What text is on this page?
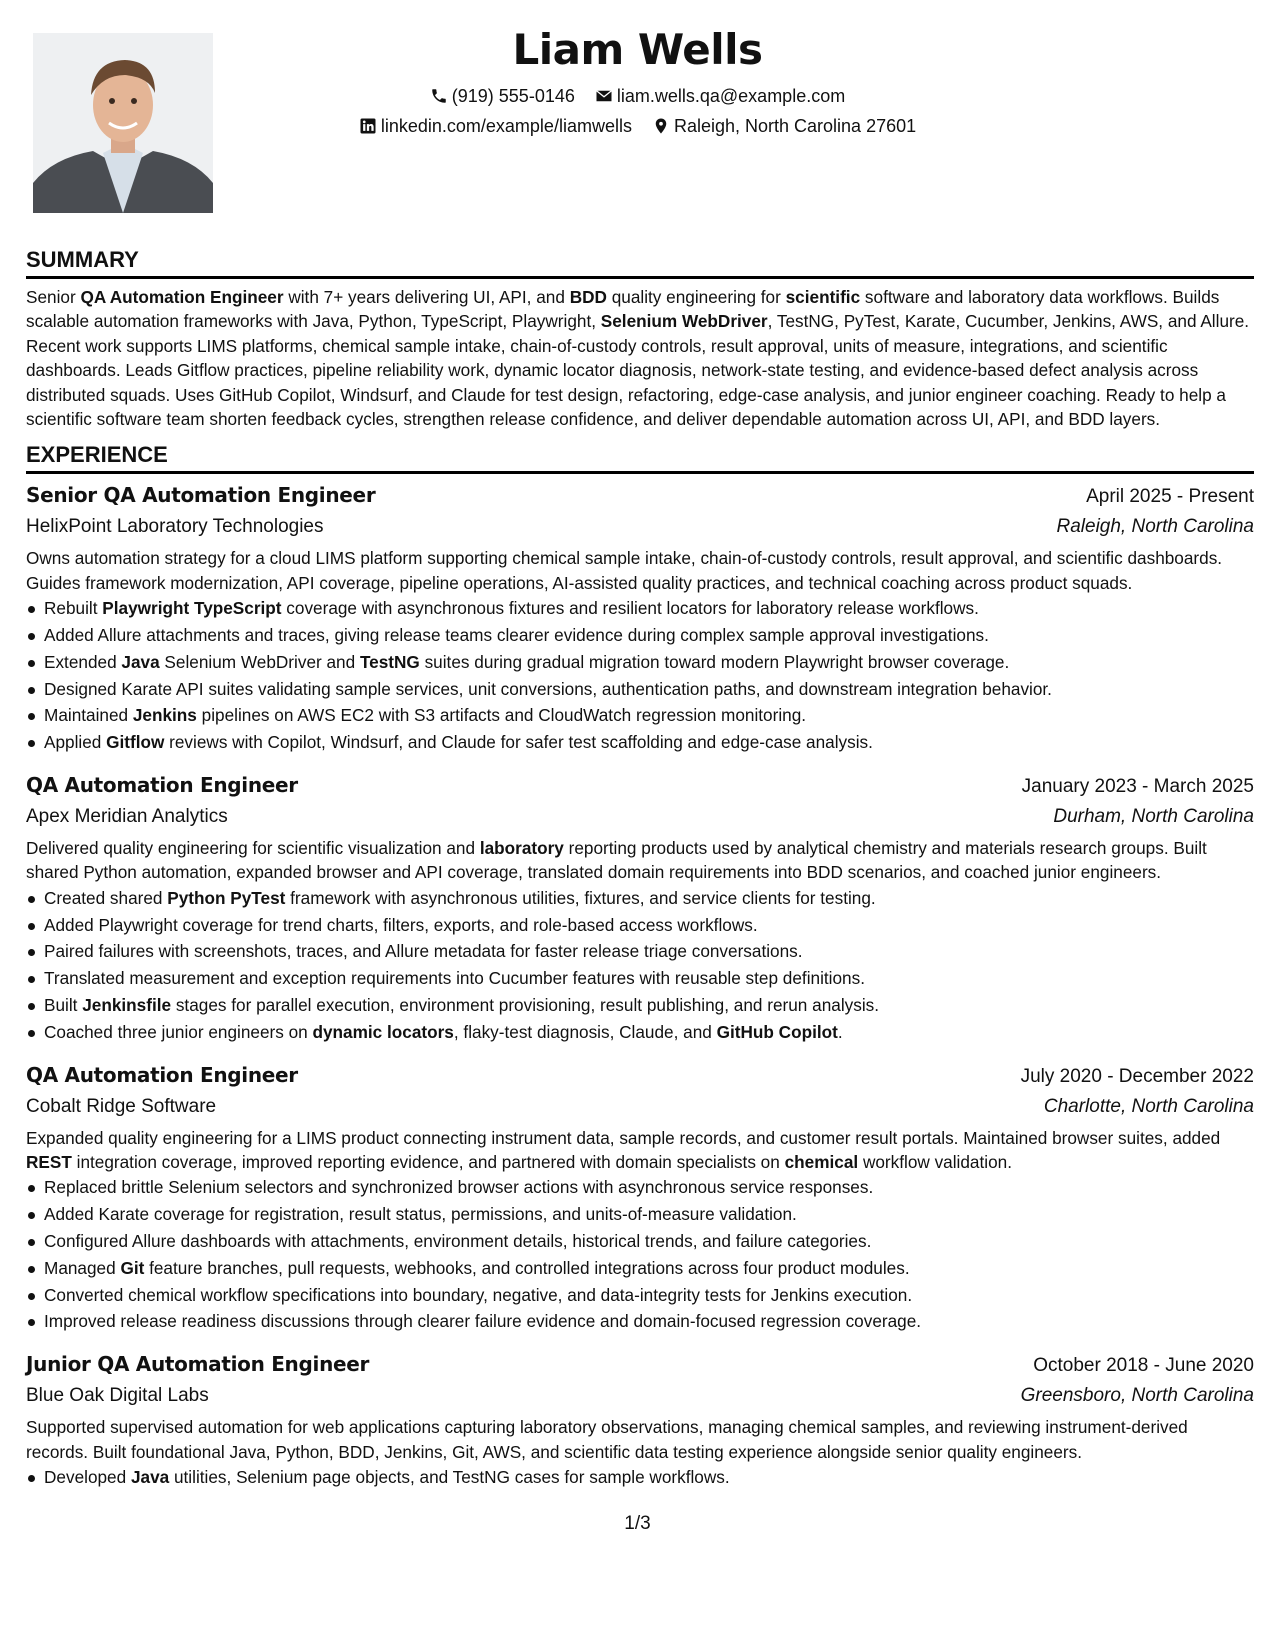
Liam Wells
(919) 555-0146 liam.wells.qa@example.com
linkedin.com/example/liamwells Raleigh, North Carolina 27601
SUMMARY

Senior QA Automation Engineer with 7+ years delivering UI, API, and BDD quality engineering for scientific software and laboratory data workflows. Builds scalable automation frameworks with Java, Python, TypeScript, Playwright, Selenium WebDriver, TestNG, PyTest, Karate, Cucumber, Jenkins, AWS, and Allure. Recent work supports LIMS platforms, chemical sample intake, chain-of-custody controls, result approval, units of measure, integrations, and scientific dashboards. Leads Gitflow practices, pipeline reliability work, dynamic locator diagnosis, network-state testing, and evidence-based defect analysis across distributed squads. Uses GitHub Copilot, Windsurf, and Claude for test design, refactoring, edge-case analysis, and junior engineer coaching. Ready to help a scientific software team shorten feedback cycles, strengthen release confidence, and deliver dependable automation across UI, API, and BDD layers.

EXPERIENCE
Senior QA Automation Engineer	April 2025 - Present
HelixPoint Laboratory Technologies	Raleigh, North Carolina

Owns automation strategy for a cloud LIMS platform supporting chemical sample intake, chain-of-custody controls, result approval, and scientific dashboards. Guides framework modernization, API coverage, pipeline operations, AI-assisted quality practices, and technical coaching across product squads.

Rebuilt Playwright TypeScript coverage with asynchronous fixtures and resilient locators for laboratory release workflows.
Added Allure attachments and traces, giving release teams clearer evidence during complex sample approval investigations.
Extended Java Selenium WebDriver and TestNG suites during gradual migration toward modern Playwright browser coverage.
Designed Karate API suites validating sample services, unit conversions, authentication paths, and downstream integration behavior.
Maintained Jenkins pipelines on AWS EC2 with S3 artifacts and CloudWatch regression monitoring.
Applied Gitflow reviews with Copilot, Windsurf, and Claude for safer test scaffolding and edge-case analysis.
QA Automation Engineer	January 2023 - March 2025
Apex Meridian Analytics	Durham, North Carolina

Delivered quality engineering for scientific visualization and laboratory reporting products used by analytical chemistry and materials research groups. Built shared Python automation, expanded browser and API coverage, translated domain requirements into BDD scenarios, and coached junior engineers.

Created shared Python PyTest framework with asynchronous utilities, fixtures, and service clients for testing.
Added Playwright coverage for trend charts, filters, exports, and role-based access workflows.
Paired failures with screenshots, traces, and Allure metadata for faster release triage conversations.
Translated measurement and exception requirements into Cucumber features with reusable step definitions.
Built Jenkinsfile stages for parallel execution, environment provisioning, result publishing, and rerun analysis.
Coached three junior engineers on dynamic locators, flaky-test diagnosis, Claude, and GitHub Copilot.
QA Automation Engineer	July 2020 - December 2022
Cobalt Ridge Software	Charlotte, North Carolina

Expanded quality engineering for a LIMS product connecting instrument data, sample records, and customer result portals. Maintained browser suites, added REST integration coverage, improved reporting evidence, and partnered with domain specialists on chemical workflow validation.

Replaced brittle Selenium selectors and synchronized browser actions with asynchronous service responses.
Added Karate coverage for registration, result status, permissions, and units-of-measure validation.
Configured Allure dashboards with attachments, environment details, historical trends, and failure categories.
Managed Git feature branches, pull requests, webhooks, and controlled integrations across four product modules.
Converted chemical workflow specifications into boundary, negative, and data-integrity tests for Jenkins execution.
Improved release readiness discussions through clearer failure evidence and domain-focused regression coverage.
Junior QA Automation Engineer	October 2018 - June 2020
Blue Oak Digital Labs	Greensboro, North Carolina

Supported supervised automation for web applications capturing laboratory observations, managing chemical samples, and reviewing instrument-derived records. Built foundational Java, Python, BDD, Jenkins, Git, AWS, and scientific data testing experience alongside senior quality engineers.

Developed Java utilities, Selenium page objects, and TestNG cases for sample workflows.
1/3
